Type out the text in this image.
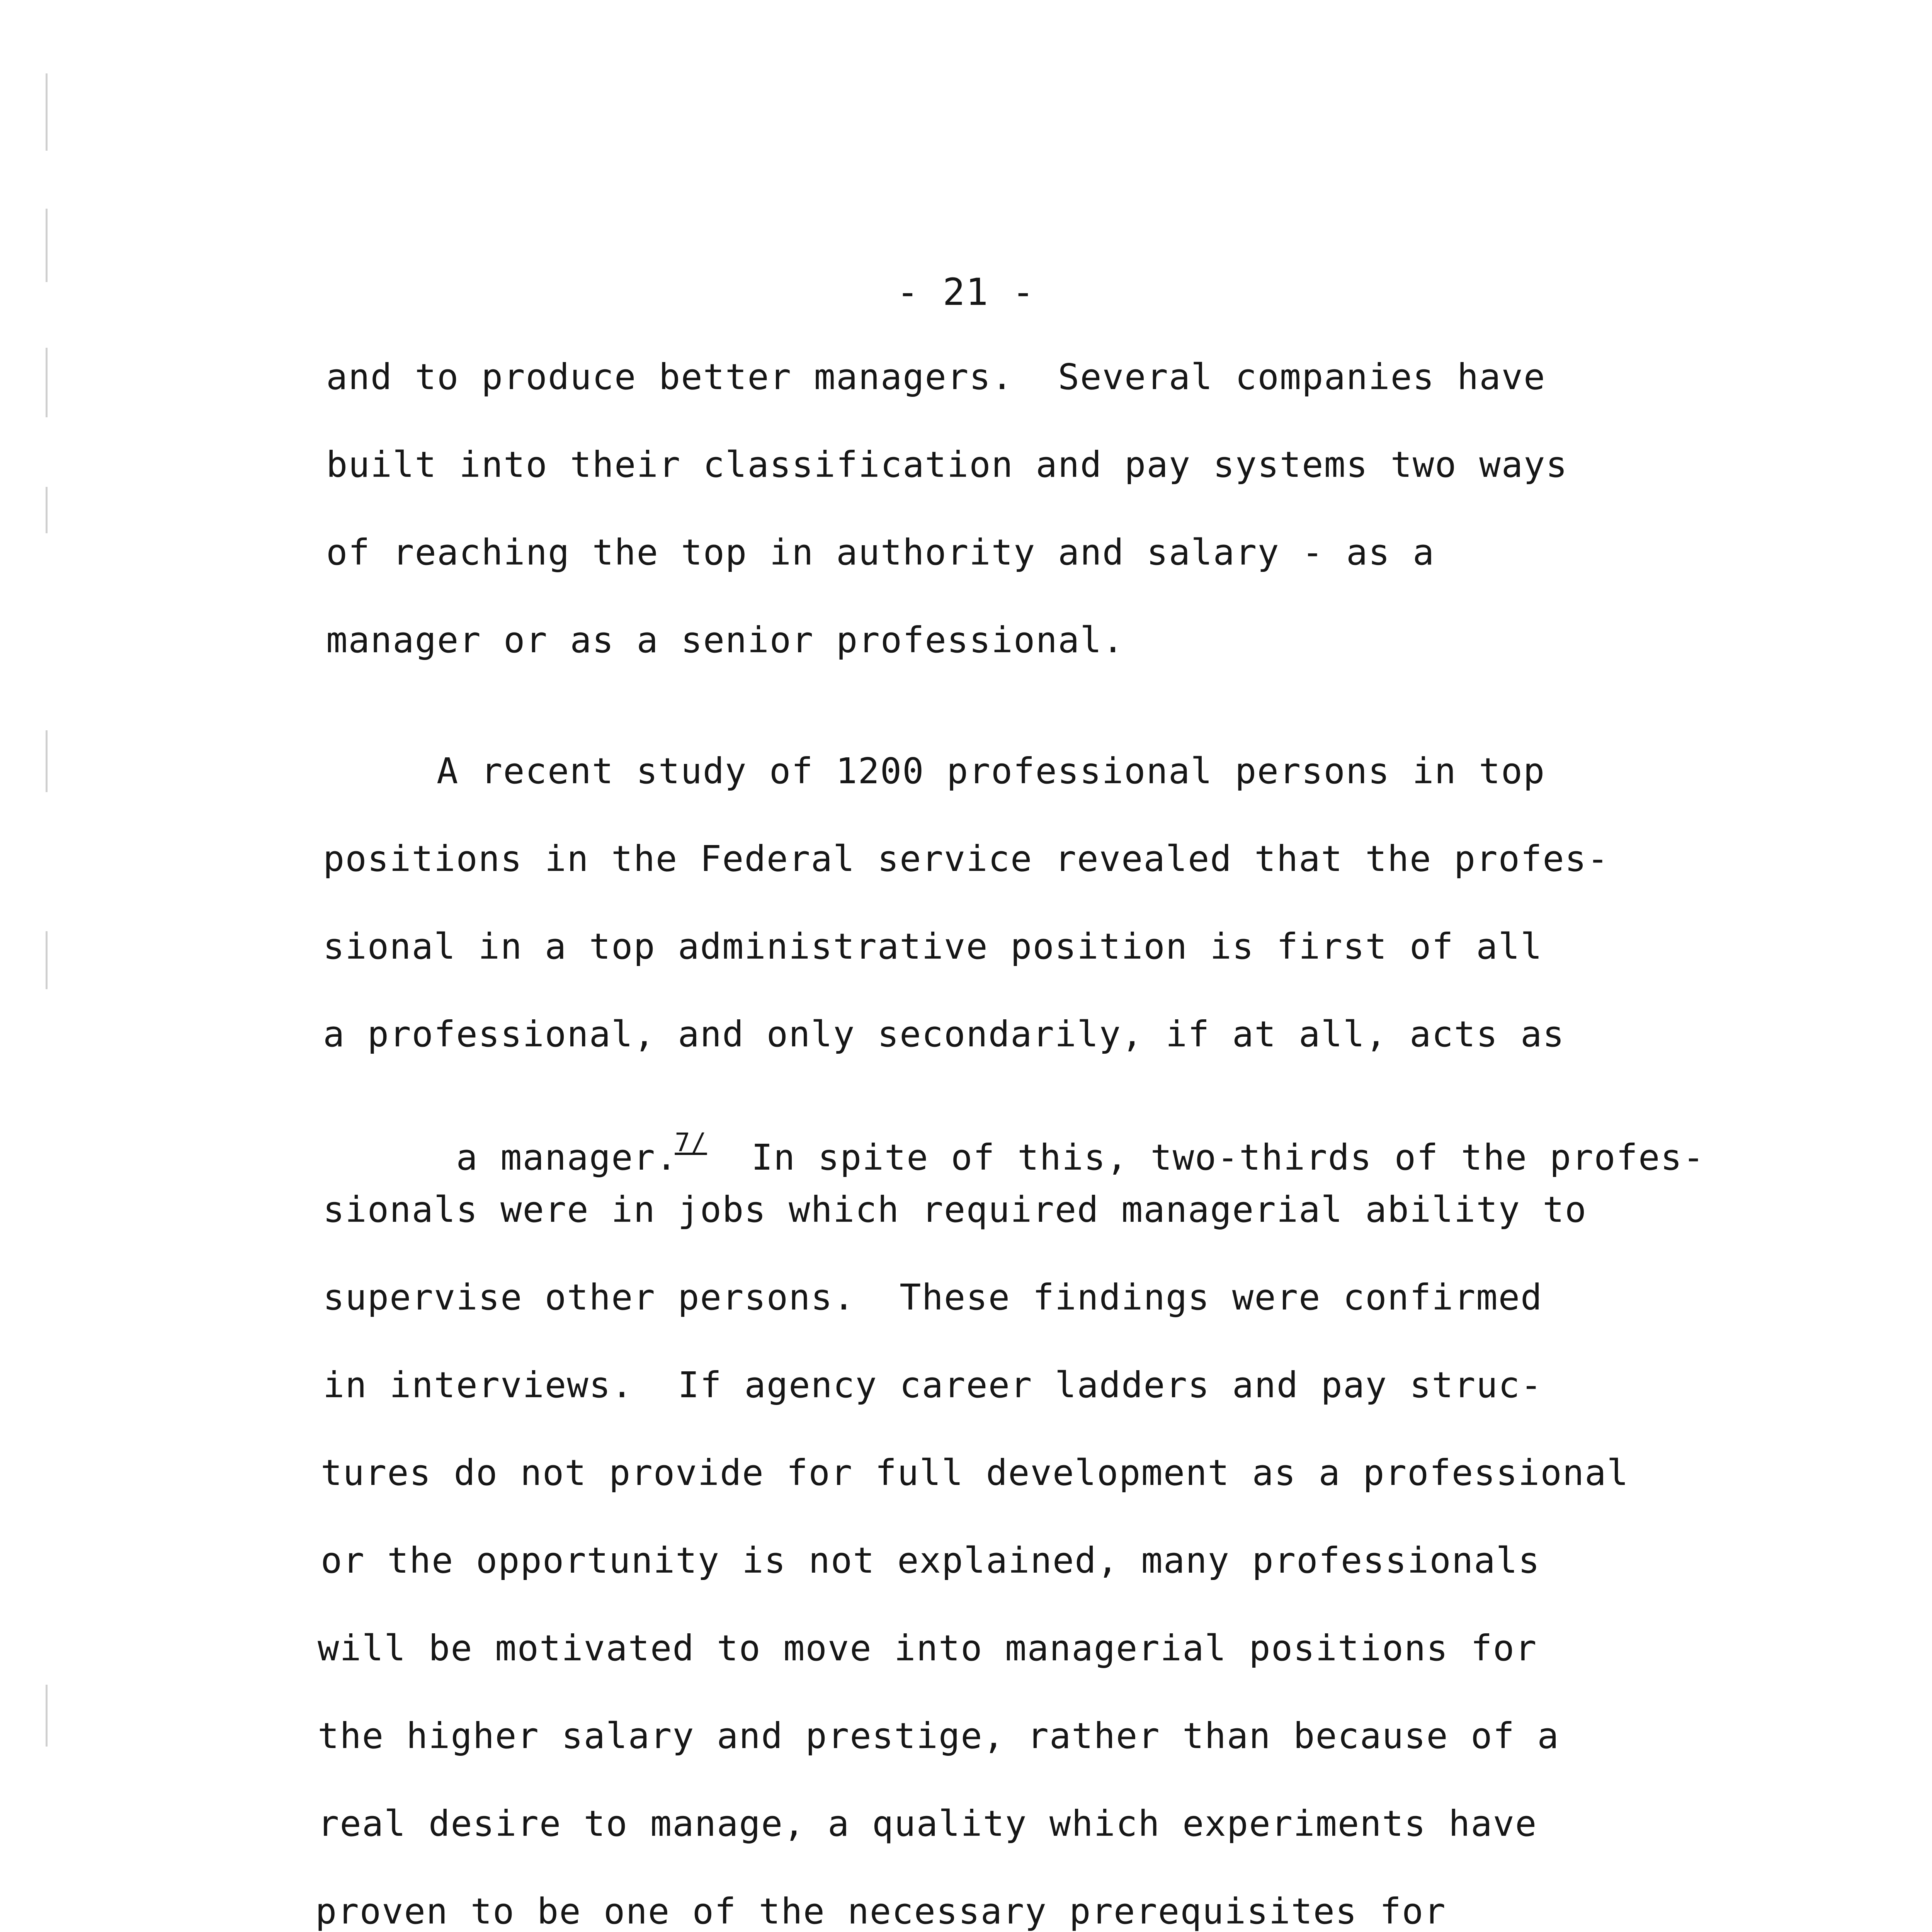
- 21 -
and to produce better managers.  Several companies have
built into their classification and pay systems two ways
of reaching the top in authority and salary - as a
manager or as a senior professional.
A recent study of 1200 professional persons in top
positions in the Federal service revealed that the profes-
sional in a top administrative position is first of all
a professional, and only secondarily, if at all, acts as

a manager.7/  In spite of this, two-thirds of the profes-

sionals were in jobs which required managerial ability to
supervise other persons.  These findings were confirmed
in interviews.  If agency career ladders and pay struc-
tures do not provide for full development as a professional
or the opportunity is not explained, many professionals
will be motivated to move into managerial positions for
the higher salary and prestige, rather than because of a
real desire to manage, a quality which experiments have
proven to be one of the necessary prerequisites for
